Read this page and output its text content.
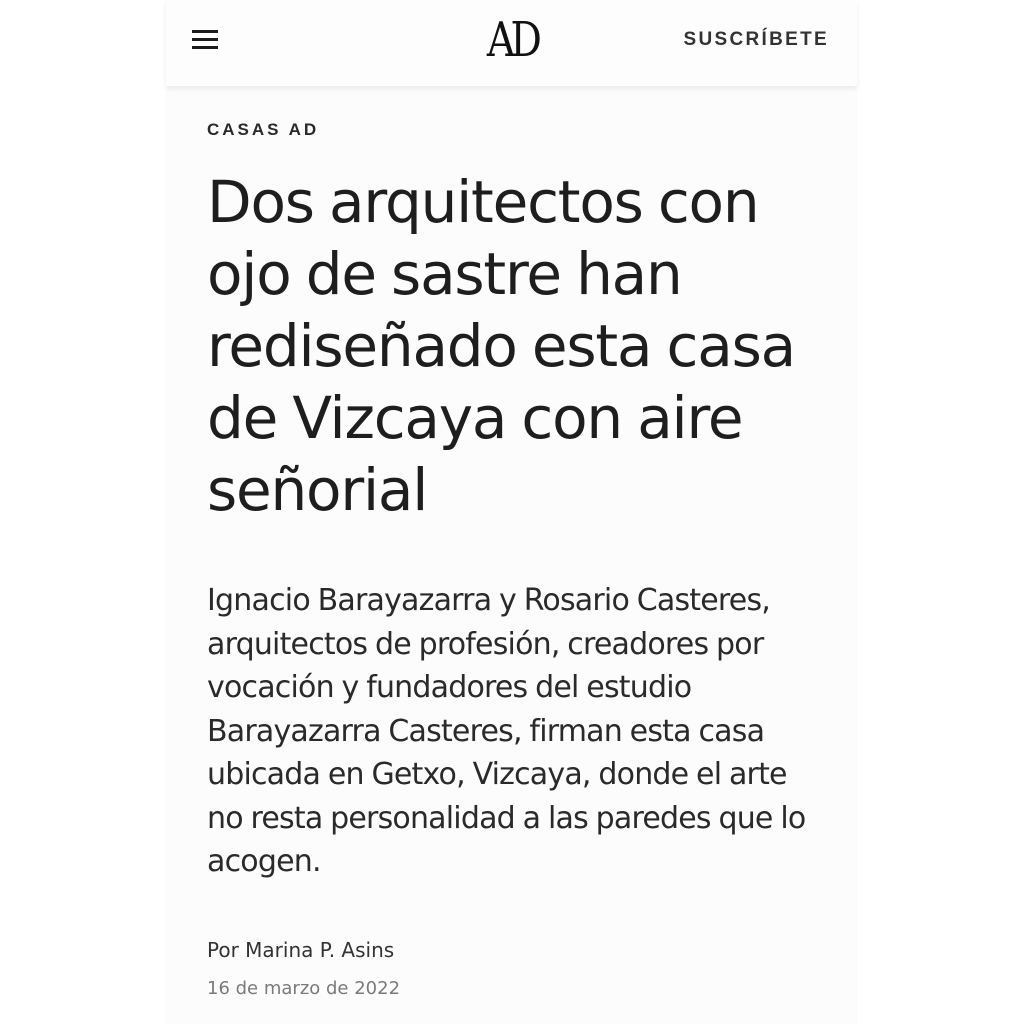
AD	SUSCRÍBETE
CASAS AD
Dos arquitectos con ojo de sastre han rediseñado esta casa de Vizcaya con aire señorial

Ignacio Barayazarra y Rosario Casteres, arquitectos de profesión, creadores por vocación y fundadores del estudio Barayazarra Casteres, firman esta casa ubicada en Getxo, Vizcaya, donde el arte no resta personalidad a las paredes que lo acogen.

Por Marina P. Asins
16 de marzo de 2022
